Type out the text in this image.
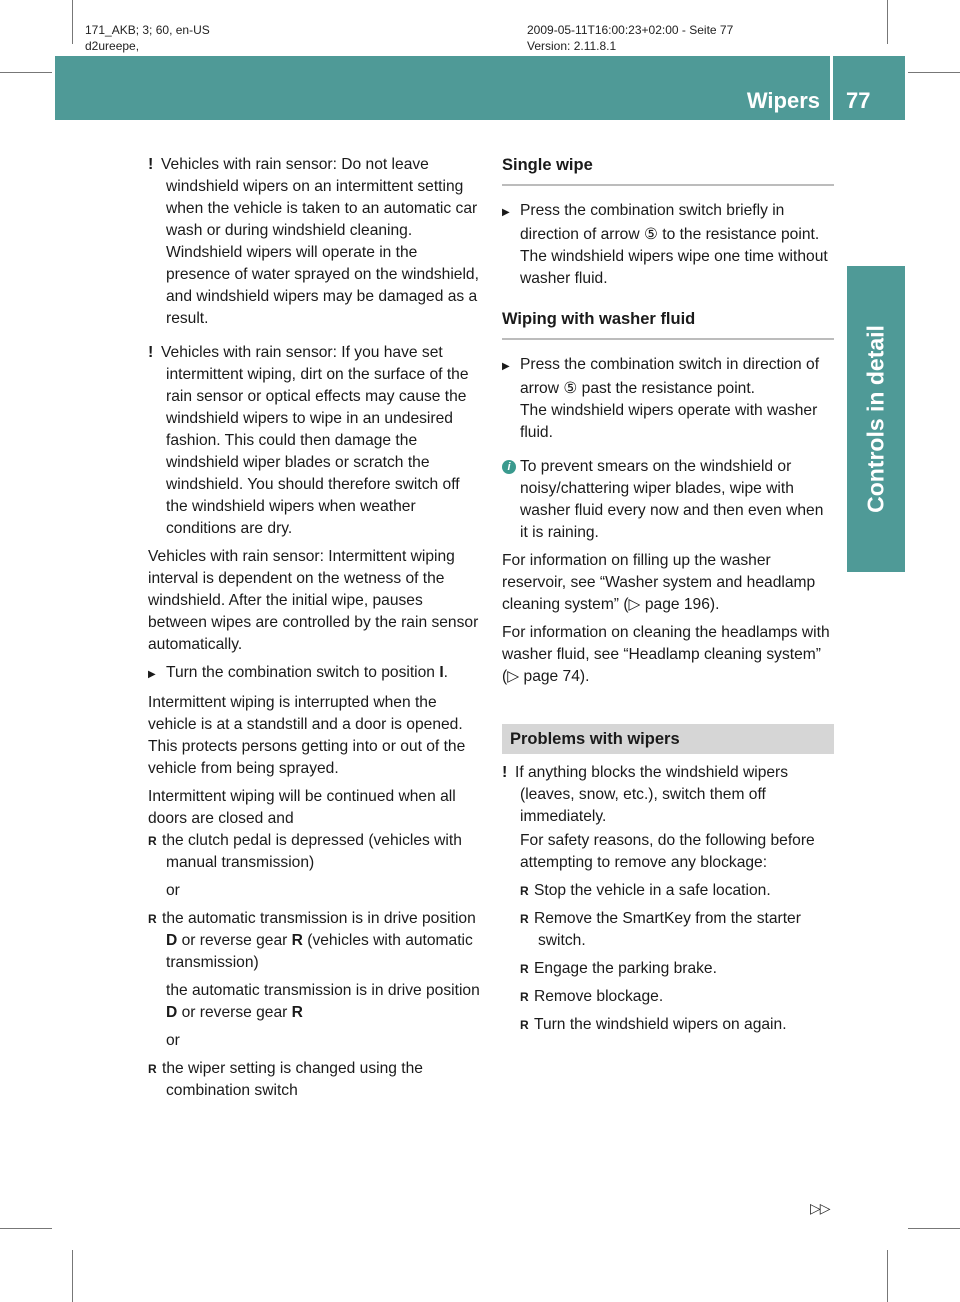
171_AKB; 3; 60, en-US
d2ureepe,
2009-05-11T16:00:23+02:00 - Seite 77
Version: 2.11.8.1
Wipers 77
Controls in detail

! Vehicles with rain sensor: Do not leave windshield wipers on an intermittent setting when the vehicle is taken to an automatic car wash or during windshield cleaning. Windshield wipers will operate in the presence of water sprayed on the windshield, and windshield wipers may be damaged as a result.

! Vehicles with rain sensor: If you have set intermittent wiping, dirt on the surface of the rain sensor or optical effects may cause the windshield wipers to wipe in an undesired fashion. This could then damage the windshield wiper blades or scratch the windshield. You should therefore switch off the windshield wipers when weather conditions are dry.

Vehicles with rain sensor: Intermittent wiping interval is dependent on the wetness of the windshield. After the initial wipe, pauses between wipes are controlled by the rain sensor automatically.

▶ Turn the combination switch to position I.

Intermittent wiping is interrupted when the vehicle is at a standstill and a door is opened. This protects persons getting into or out of the vehicle from being sprayed.

Intermittent wiping will be continued when all doors are closed and

R the clutch pedal is depressed (vehicles with manual transmission)

or

R the automatic transmission is in drive position D or reverse gear R (vehicles with automatic transmission)

the automatic transmission is in drive position D or reverse gear R

or

R the wiper setting is changed using the combination switch

Single wipe

▶ Press the combination switch briefly in direction of arrow ⑤ to the resistance point.

The windshield wipers wipe one time without washer fluid.

Wiping with washer fluid

▶ Press the combination switch in direction of arrow ⑤ past the resistance point.

The windshield wipers operate with washer fluid.

i To prevent smears on the windshield or noisy/chattering wiper blades, wipe with washer fluid every now and then even when it is raining.

For information on filling up the washer reservoir, see “Washer system and headlamp cleaning system” (▷ page 196).

For information on cleaning the headlamps with washer fluid, see “Headlamp cleaning system” (▷ page 74).

Problems with wipers

! If anything blocks the windshield wipers (leaves, snow, etc.), switch them off immediately.

For safety reasons, do the following before attempting to remove any blockage:

R Stop the vehicle in a safe location.

R Remove the SmartKey from the starter switch.

R Engage the parking brake.

R Remove blockage.

R Turn the windshield wipers on again.

▷▷
